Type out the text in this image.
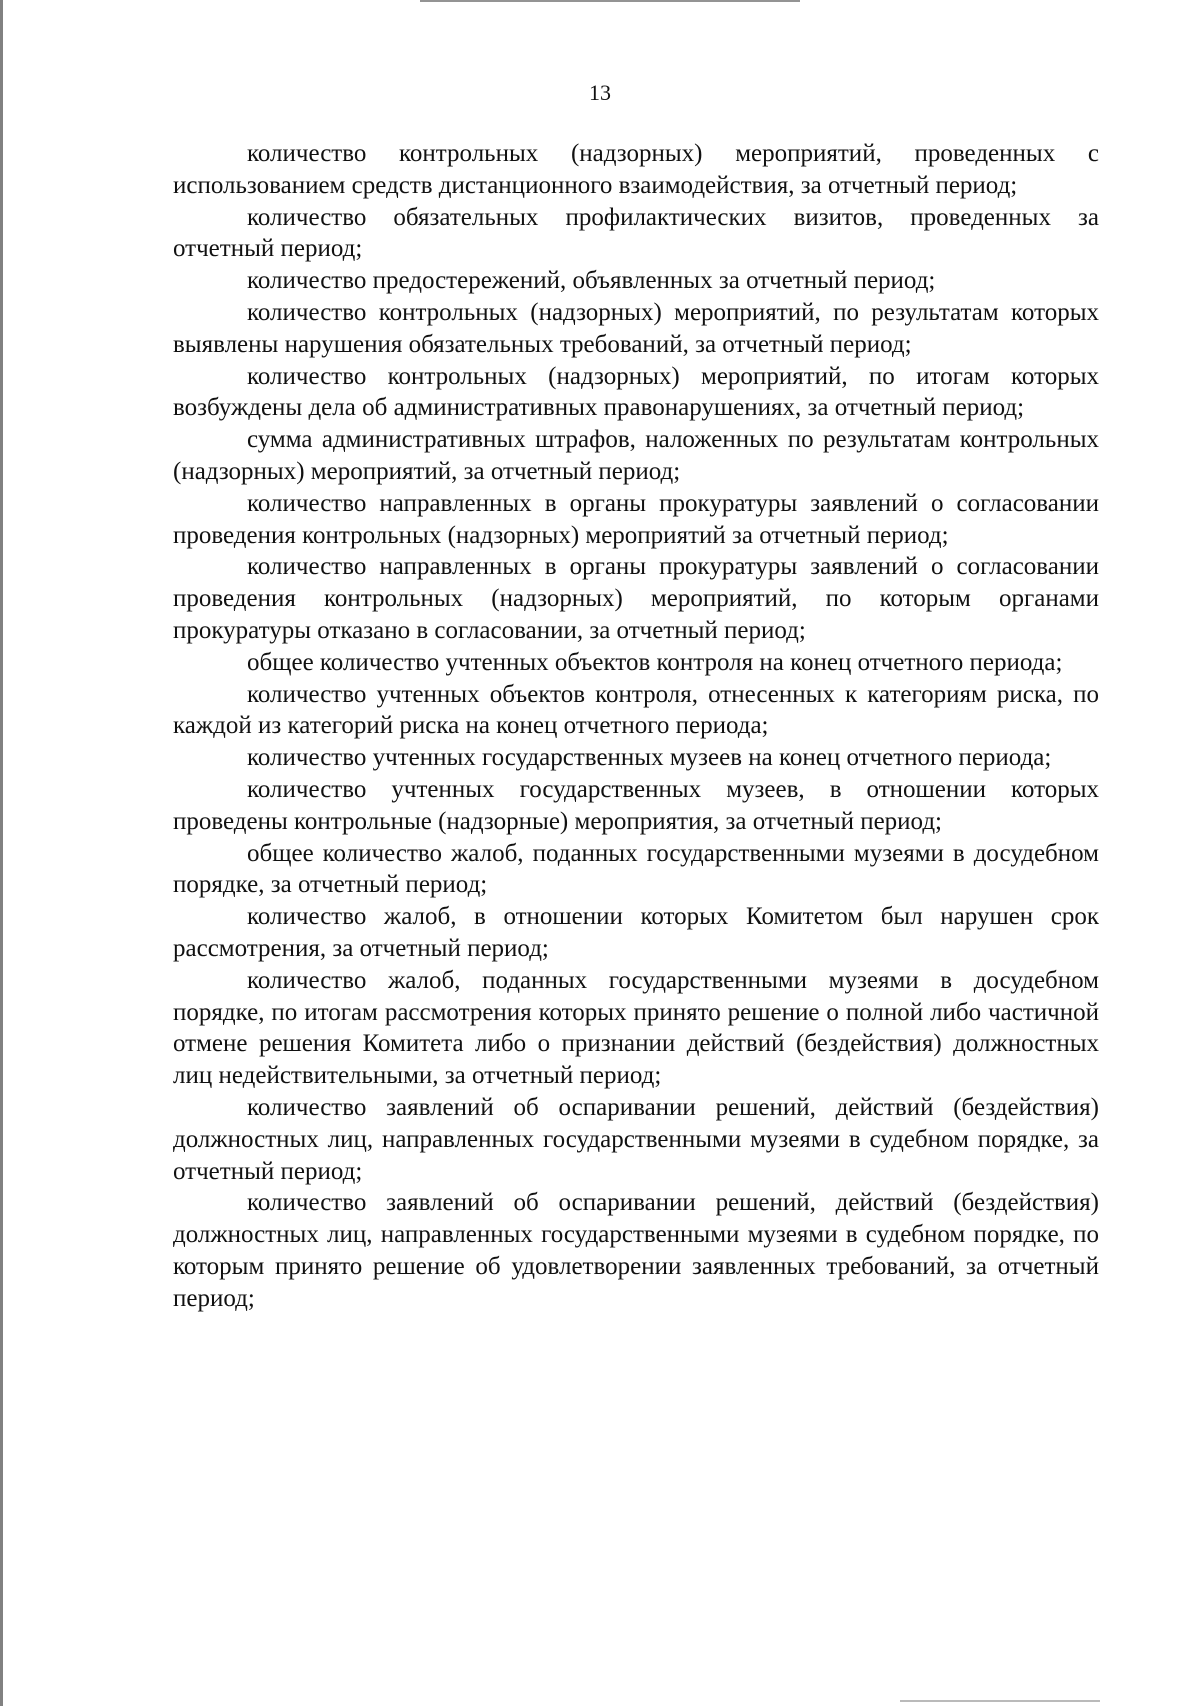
13

количество контрольных (надзорных) мероприятий, проведенных с использованием средств дистанционного взаимодействия, за отчетный период;

количество обязательных профилактических визитов, проведенных за отчетный период;

количество предостережений, объявленных за отчетный период;

количество контрольных (надзорных) мероприятий, по результатам которых выявлены нарушения обязательных требований, за отчетный период;

количество контрольных (надзорных) мероприятий, по итогам которых возбуждены дела об административных правонарушениях, за отчетный период;

сумма административных штрафов, наложенных по результатам контрольных (надзорных) мероприятий, за отчетный период;

количество направленных в органы прокуратуры заявлений о согласовании проведения контрольных (надзорных) мероприятий за отчетный период;

количество направленных в органы прокуратуры заявлений о согласовании проведения контрольных (надзорных) мероприятий, по которым органами прокуратуры отказано в согласовании, за отчетный период;

общее количество учтенных объектов контроля на конец отчетного периода;

количество учтенных объектов контроля, отнесенных к категориям риска, по каждой из категорий риска на конец отчетного периода;

количество учтенных государственных музеев на конец отчетного периода;

количество учтенных государственных музеев, в отношении которых проведены контрольные (надзорные) мероприятия, за отчетный период;

общее количество жалоб, поданных государственными музеями в досудебном порядке, за отчетный период;

количество жалоб, в отношении которых Комитетом был нарушен срок рассмотрения, за отчетный период;

количество жалоб, поданных государственными музеями в досудебном порядке, по итогам рассмотрения которых принято решение о полной либо частичной отмене решения Комитета либо о признании действий (бездействия) должностных лиц недействительными, за отчетный период;

количество заявлений об оспаривании решений, действий (бездействия) должностных лиц, направленных государственными музеями в судебном порядке, за отчетный период;

количество заявлений об оспаривании решений, действий (бездействия) должностных лиц, направленных государственными музеями в судебном порядке, по которым принято решение об удовлетворении заявленных требований, за отчетный период;
